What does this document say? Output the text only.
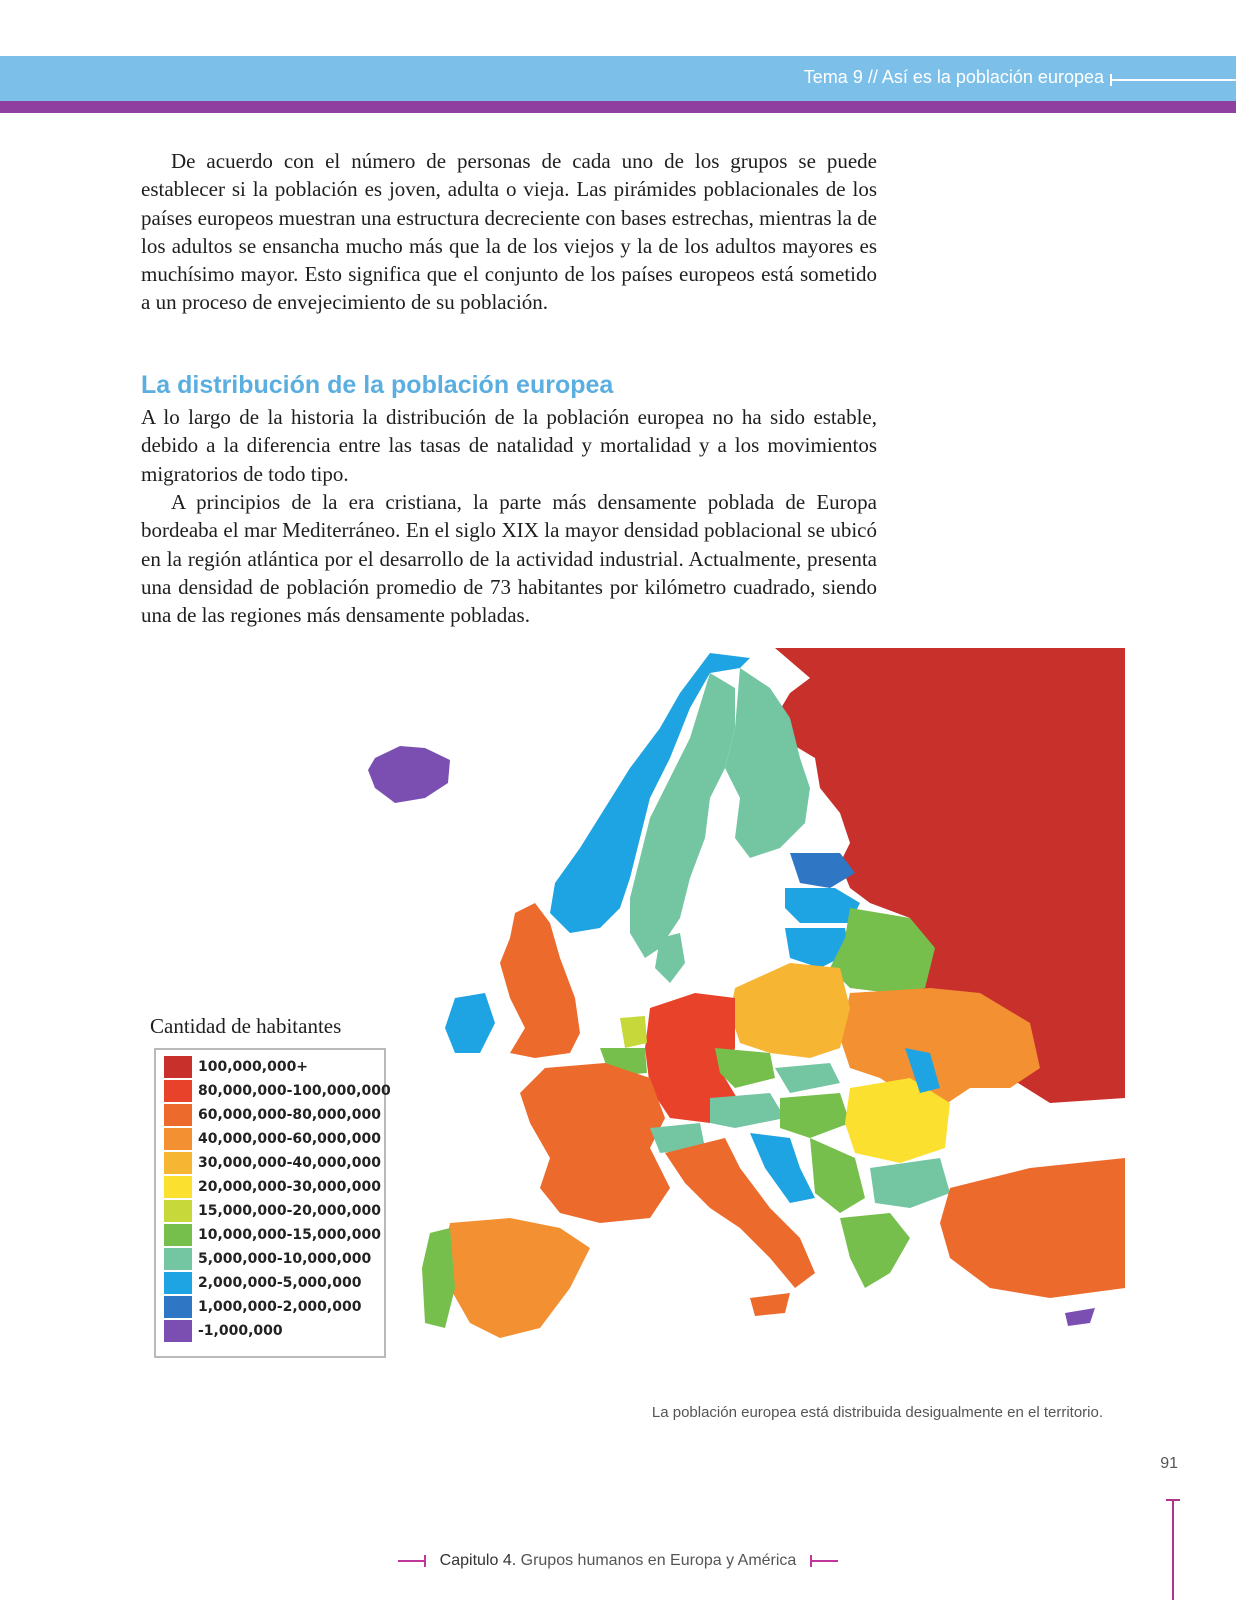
Tema 9 // Así es la población europea

De acuerdo con el número de personas de cada uno de los grupos se puede establecer si la población es joven, adulta o vieja. Las pirámides poblacionales de los países europeos muestran una estructura decreciente con bases estrechas, mientras la de los adultos se ensancha mucho más que la de los viejos y la de los adultos mayores es muchísimo mayor. Esto significa que el conjunto de los países europeos está sometido a un proceso de envejecimiento de su población.

La distribución de la población europea

A lo largo de la historia la distribución de la población europea no ha sido estable, debido a la diferencia entre las tasas de natalidad y mortalidad y a los movimientos migratorios de todo tipo.

A principios de la era cristiana, la parte más densamente poblada de Europa bordeaba el mar Mediterráneo. En el siglo XIX la mayor densidad poblacional se ubicó en la región atlántica por el desarrollo de la actividad industrial. Actualmente, presenta una densidad de población promedio de 73 habitantes por kilómetro cuadrado, siendo una de las regiones más densamente pobladas.

Cantidad de habitantes
100,000,000+
80,000,000-100,000,000
60,000,000-80,000,000
40,000,000-60,000,000
30,000,000-40,000,000
20,000,000-30,000,000
15,000,000-20,000,000
10,000,000-15,000,000
5,000,000-10,000,000
2,000,000-5,000,000
1,000,000-2,000,000
-1,000,000
La población europea está distribuida desigualmente en el territorio.
91
Capitulo 4. Grupos humanos en Europa y América
